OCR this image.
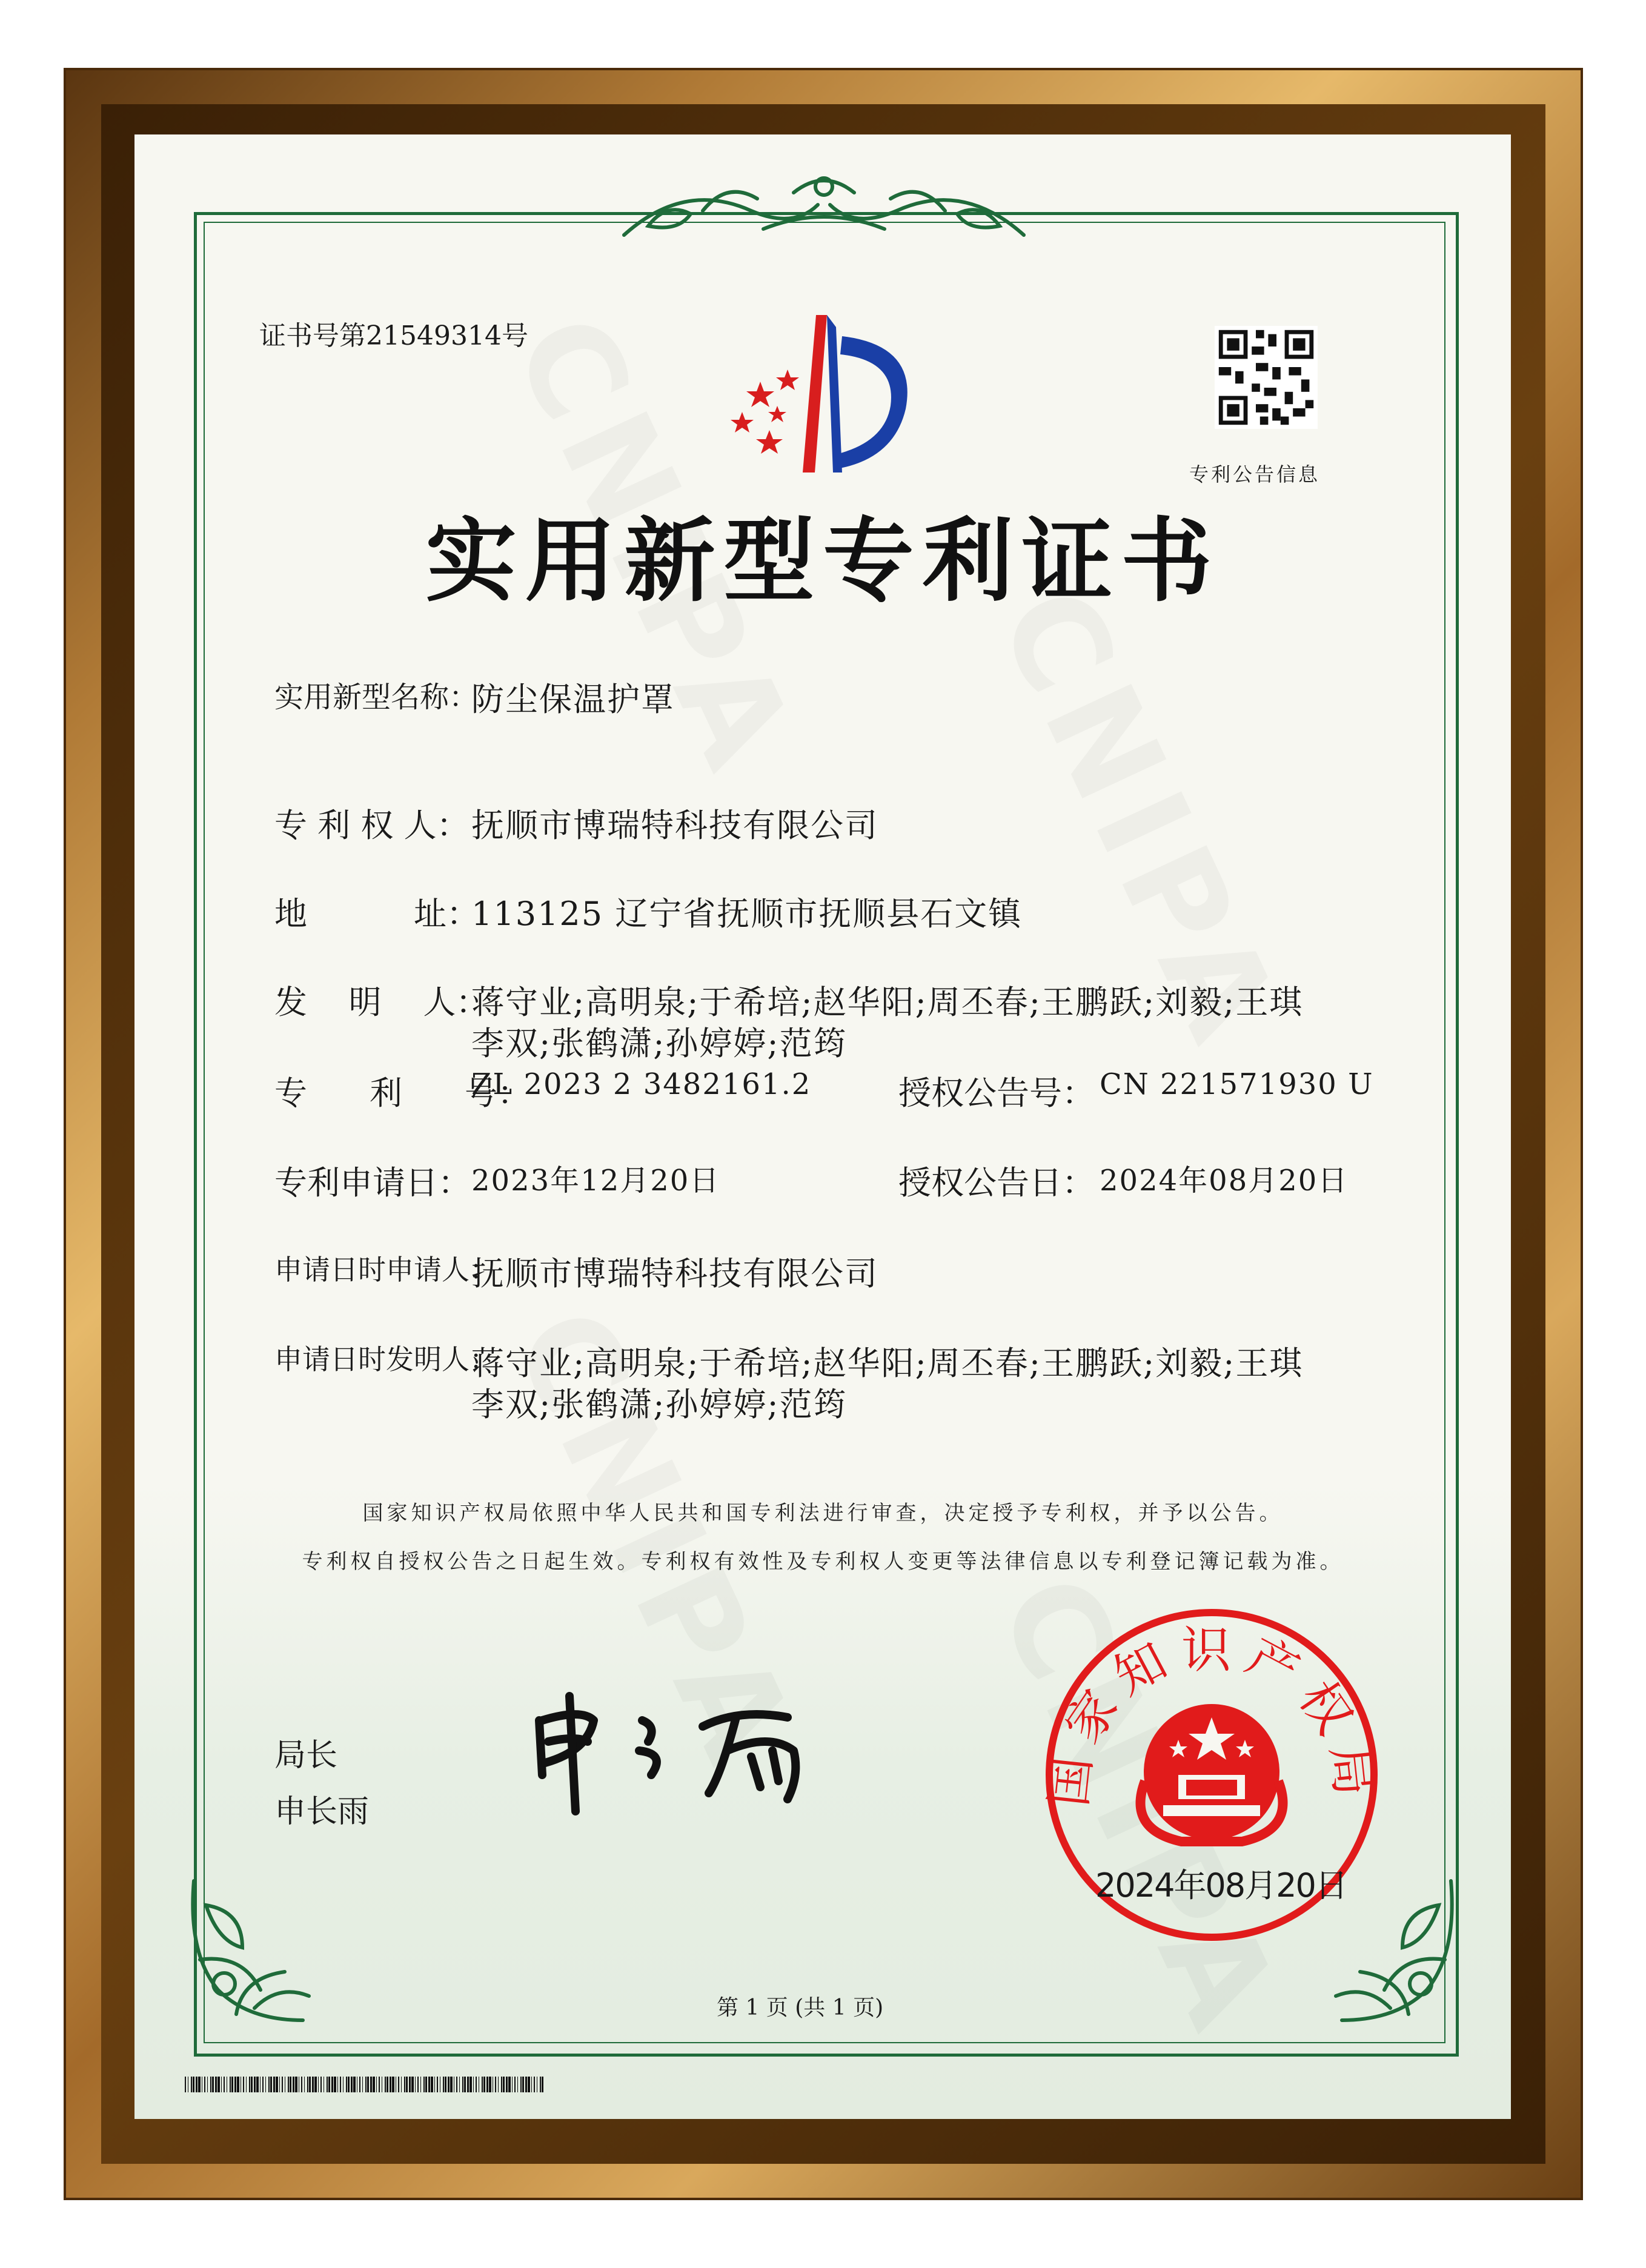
证书号第21549314号
专利公告信息
实用新型专利证书
实用新型名称：
防尘保温护罩
专 利 权 人： 抚顺市博瑞特科技有限公司
地	址：
113125 辽宁省抚顺市抚顺县石文镇
发    明    人：
蒋守业;高明泉;于希培;赵华阳;周丕春;王鹏跃;刘毅;王琪
李双;张鹤潇;孙婷婷;范筠
专      利      号：
ZL 2023 2 3482161.2	授权公告号： CN 221571930 U
专利申请日： 2023年12月20日	授权公告日： 2024年08月20日
申请日时申请人：
抚顺市博瑞特科技有限公司
申请日时发明人：
蒋守业;高明泉;于希培;赵华阳;周丕春;王鹏跃;刘毅;王琪
李双;张鹤潇;孙婷婷;范筠
国家知识产权局依照中华人民共和国专利法进行审查，决定授予专利权，并予以公告。
专利权自授权公告之日起生效。专利权有效性及专利权人变更等法律信息以专利登记簿记载为准。
局长
申长雨
国家知识产权局
2024年08月20日
第 1 页 (共 1 页)
